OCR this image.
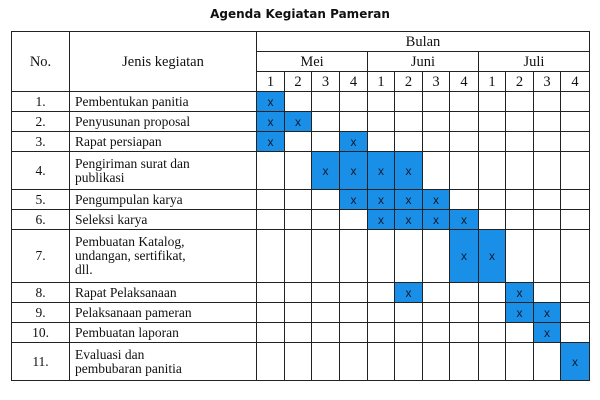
Agenda Kegiatan Pameran
No.	Jenis kegiatan	Bulan											
		Mei				Juni				Juli			
		1	2	3	4	1	2	3	4	1	2	3	4
1.	Pembentukan panitia	x											
2.	Penyusunan proposal	x	x										
3.	Rapat persiapan	x			x								
4.	Pengiriman surat dan
publikasi			x	x	x	x						
5.	Pengumpulan karya				x	x	x	x					
6.	Seleksi karya					x	x	x	x				
7.	Pembuatan Katalog,
undangan, sertifikat,
dll.								x	x			
8.	Rapat Pelaksanaan						x				x		
9.	Pelaksanaan pameran										x	x	
10.	Pembuatan laporan											x	
11.	Evaluasi dan
pembubaran panitia												x
